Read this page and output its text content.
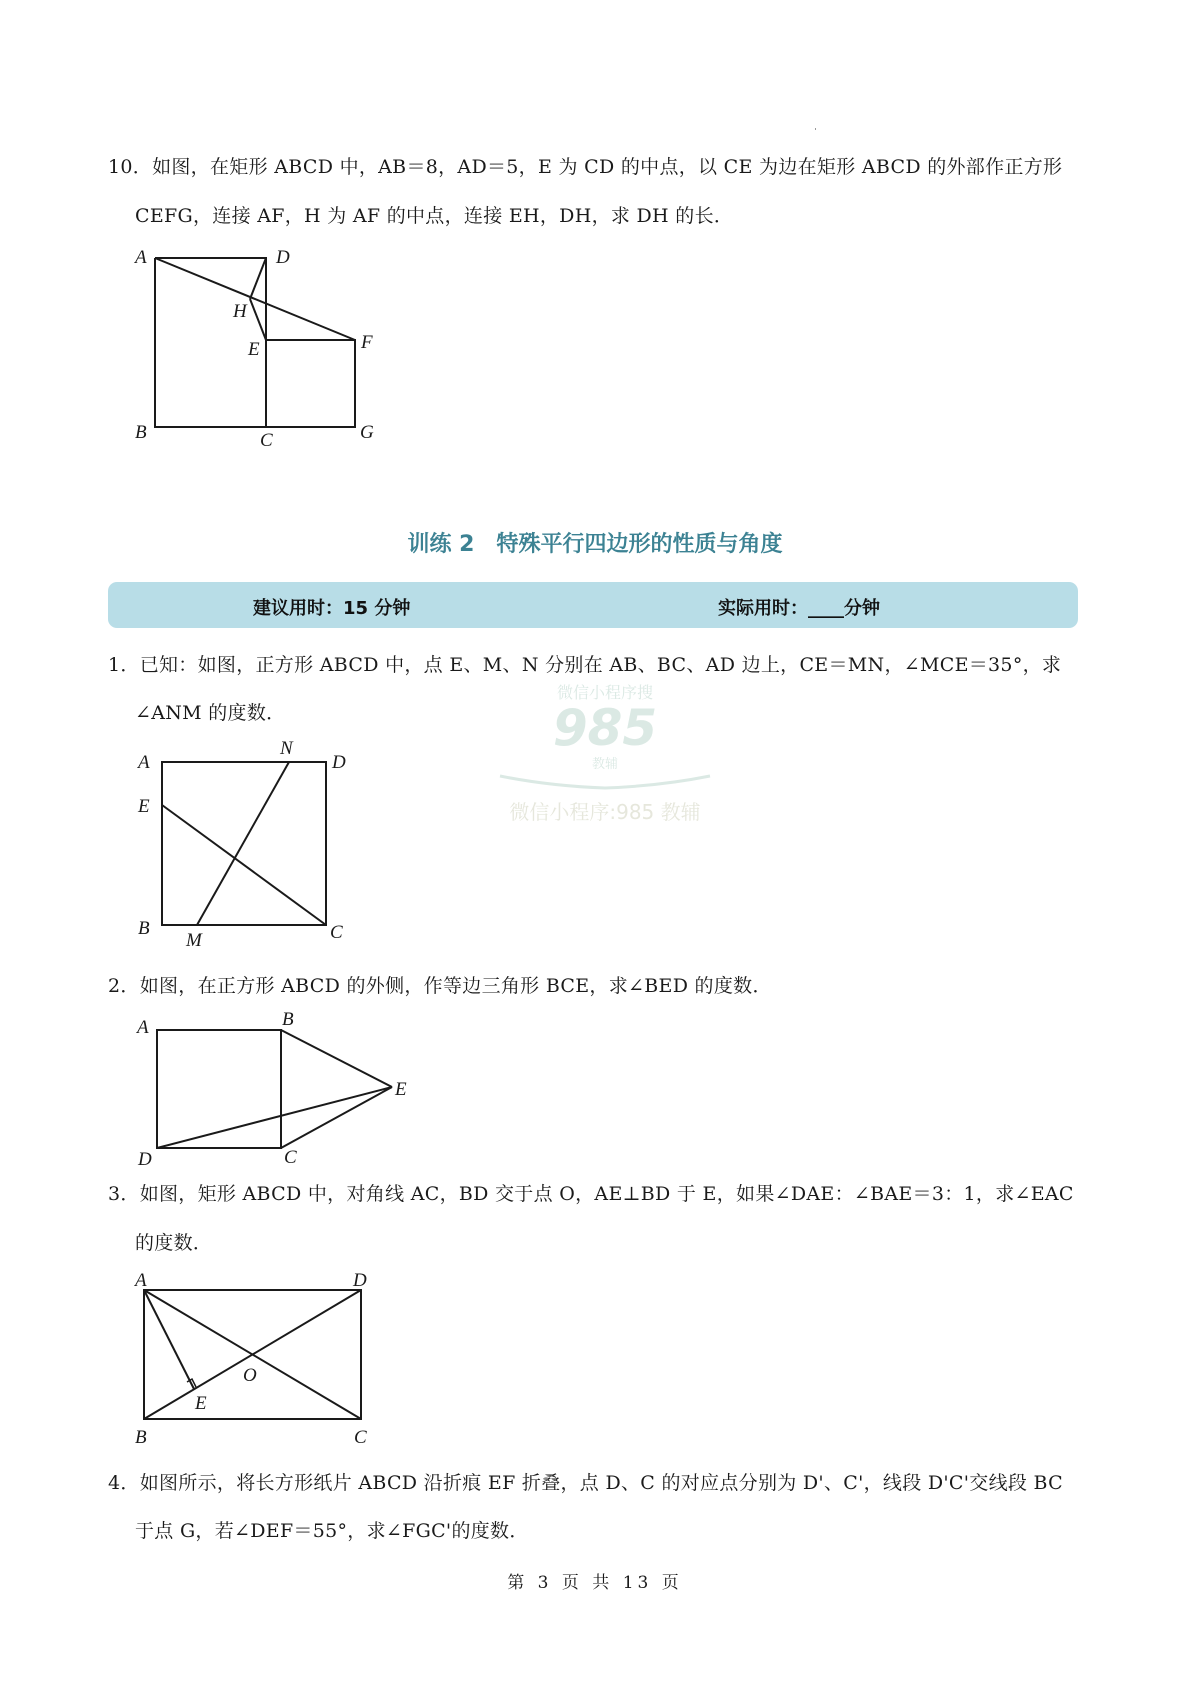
10．如图，在矩形 ABCD 中，AB＝8，AD＝5，E 为 CD 的中点，以 CE 为边在矩形 ABCD 的外部作正方形
CEFG，连接 AF，H 为 AF 的中点，连接 EH，DH，求 DH 的长．
A	D
H
E	F
B	C	G
训练 2　特殊平行四边形的性质与角度
建议用时：15 分钟	实际用时：____分钟
微信小程序搜
985
教辅
微信小程序:985 教辅
1．已知：如图，正方形 ABCD 中，点 E、M、N 分别在 AB、BC、AD 边上，CE＝MN，∠MCE＝35°，求
∠ANM 的度数．
A
N
D
E
B
M	C
2．如图，在正方形 ABCD 的外侧，作等边三角形 BCE，求∠BED 的度数．
A	B
E
D	C
3．如图，矩形 ABCD 中，对角线 AC，BD 交于点 O，AE⊥BD 于 E，如果∠DAE：∠BAE＝3：1，求∠EAC
的度数．
A	D
O
E
B	C
4．如图所示，将长方形纸片 ABCD 沿折痕 EF 折叠，点 D、C 的对应点分别为 D'、C'，线段 D'C'交线段 BC
于点 G，若∠DEF＝55°，求∠FGC'的度数．
第 3 页 共 13 页
